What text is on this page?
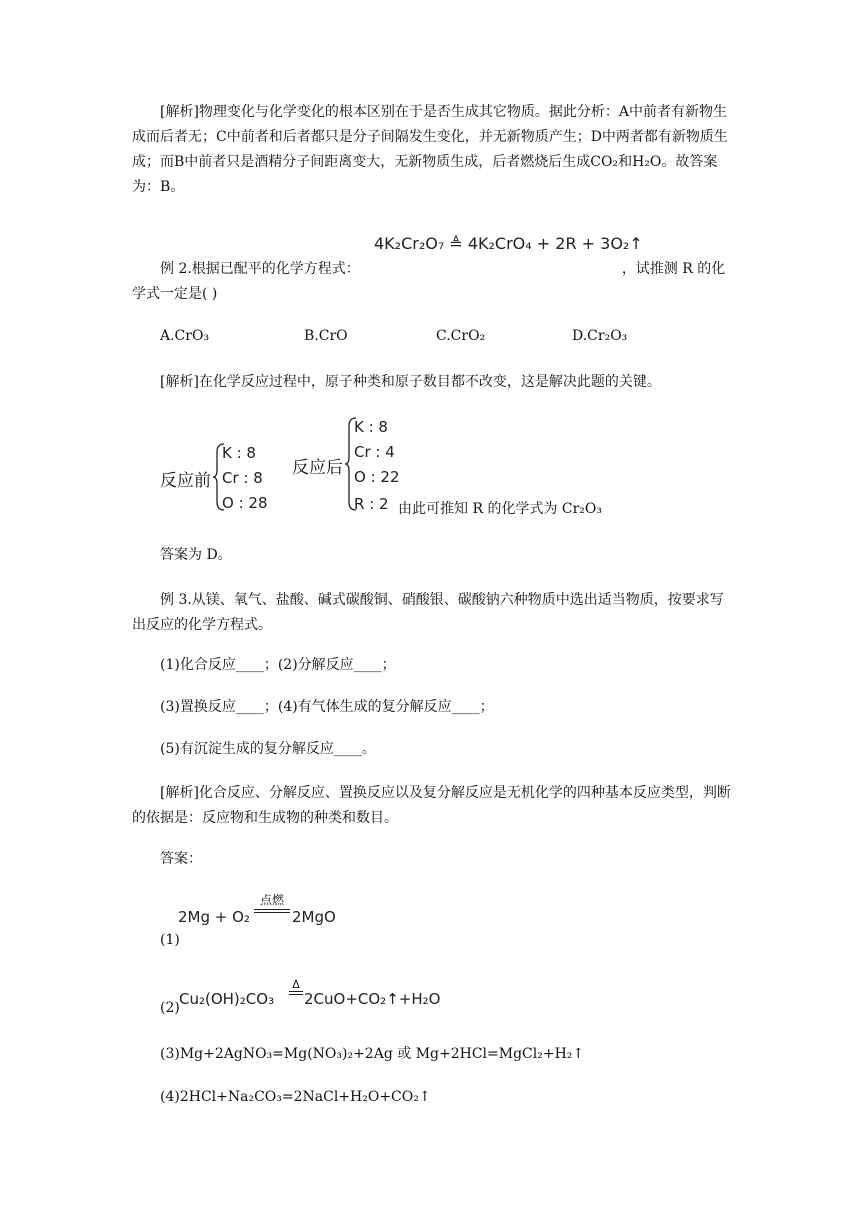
[解析]物理变化与化学变化的根本区别在于是否生成其它物质。据此分析：A中前者有新物生成而后者无；C中前者和后者都只是分子间隔发生变化，并无新物质产生；D中两者都有新物质生成；而B中前者只是酒精分子间距离变大，无新物质生成，后者燃烧后生成CO₂和H₂O。故答案为：B。

4K₂Cr₂O₇ ≜ 4K₂CrO₄ + 2R + 3O₂↑

例 2.根据已配平的化学方程式：	，试推测 R 的化学式一定是( )

A.CrO₃	B.CrO	C.CrO₂	D.Cr₂O₃

[解析]在化学反应过程中，原子种类和原子数目都不改变，这是解决此题的关键。

反应前
K : 8
Cr : 8
O : 28
反应后
K : 8
Cr : 4
O : 22
R : 2 由此可推知 R 的化学式为 Cr₂O₃

答案为 D。

例 3.从镁、氧气、盐酸、碱式碳酸铜、硝酸银、碳酸钠六种物质中选出适当物质，按要求写出反应的化学方程式。

(1)化合反应____；(2)分解反应____；

(3)置换反应____；(4)有气体生成的复分解反应____；

(5)有沉淀生成的复分解反应____。

[解析]化合反应、分解反应、置换反应以及复分解反应是无机化学的四种基本反应类型，判断的依据是：反应物和生成物的种类和数目。

答案：

2Mg + O₂
点燃
2MgO
(1)
(2) Cu₂(OH)₂CO₃
Δ
2CuO+CO₂↑+H₂O

(3)Mg+2AgNO₃=Mg(NO₃)₂+2Ag 或 Mg+2HCl=MgCl₂+H₂↑

(4)2HCl+Na₂CO₃=2NaCl+H₂O+CO₂↑
